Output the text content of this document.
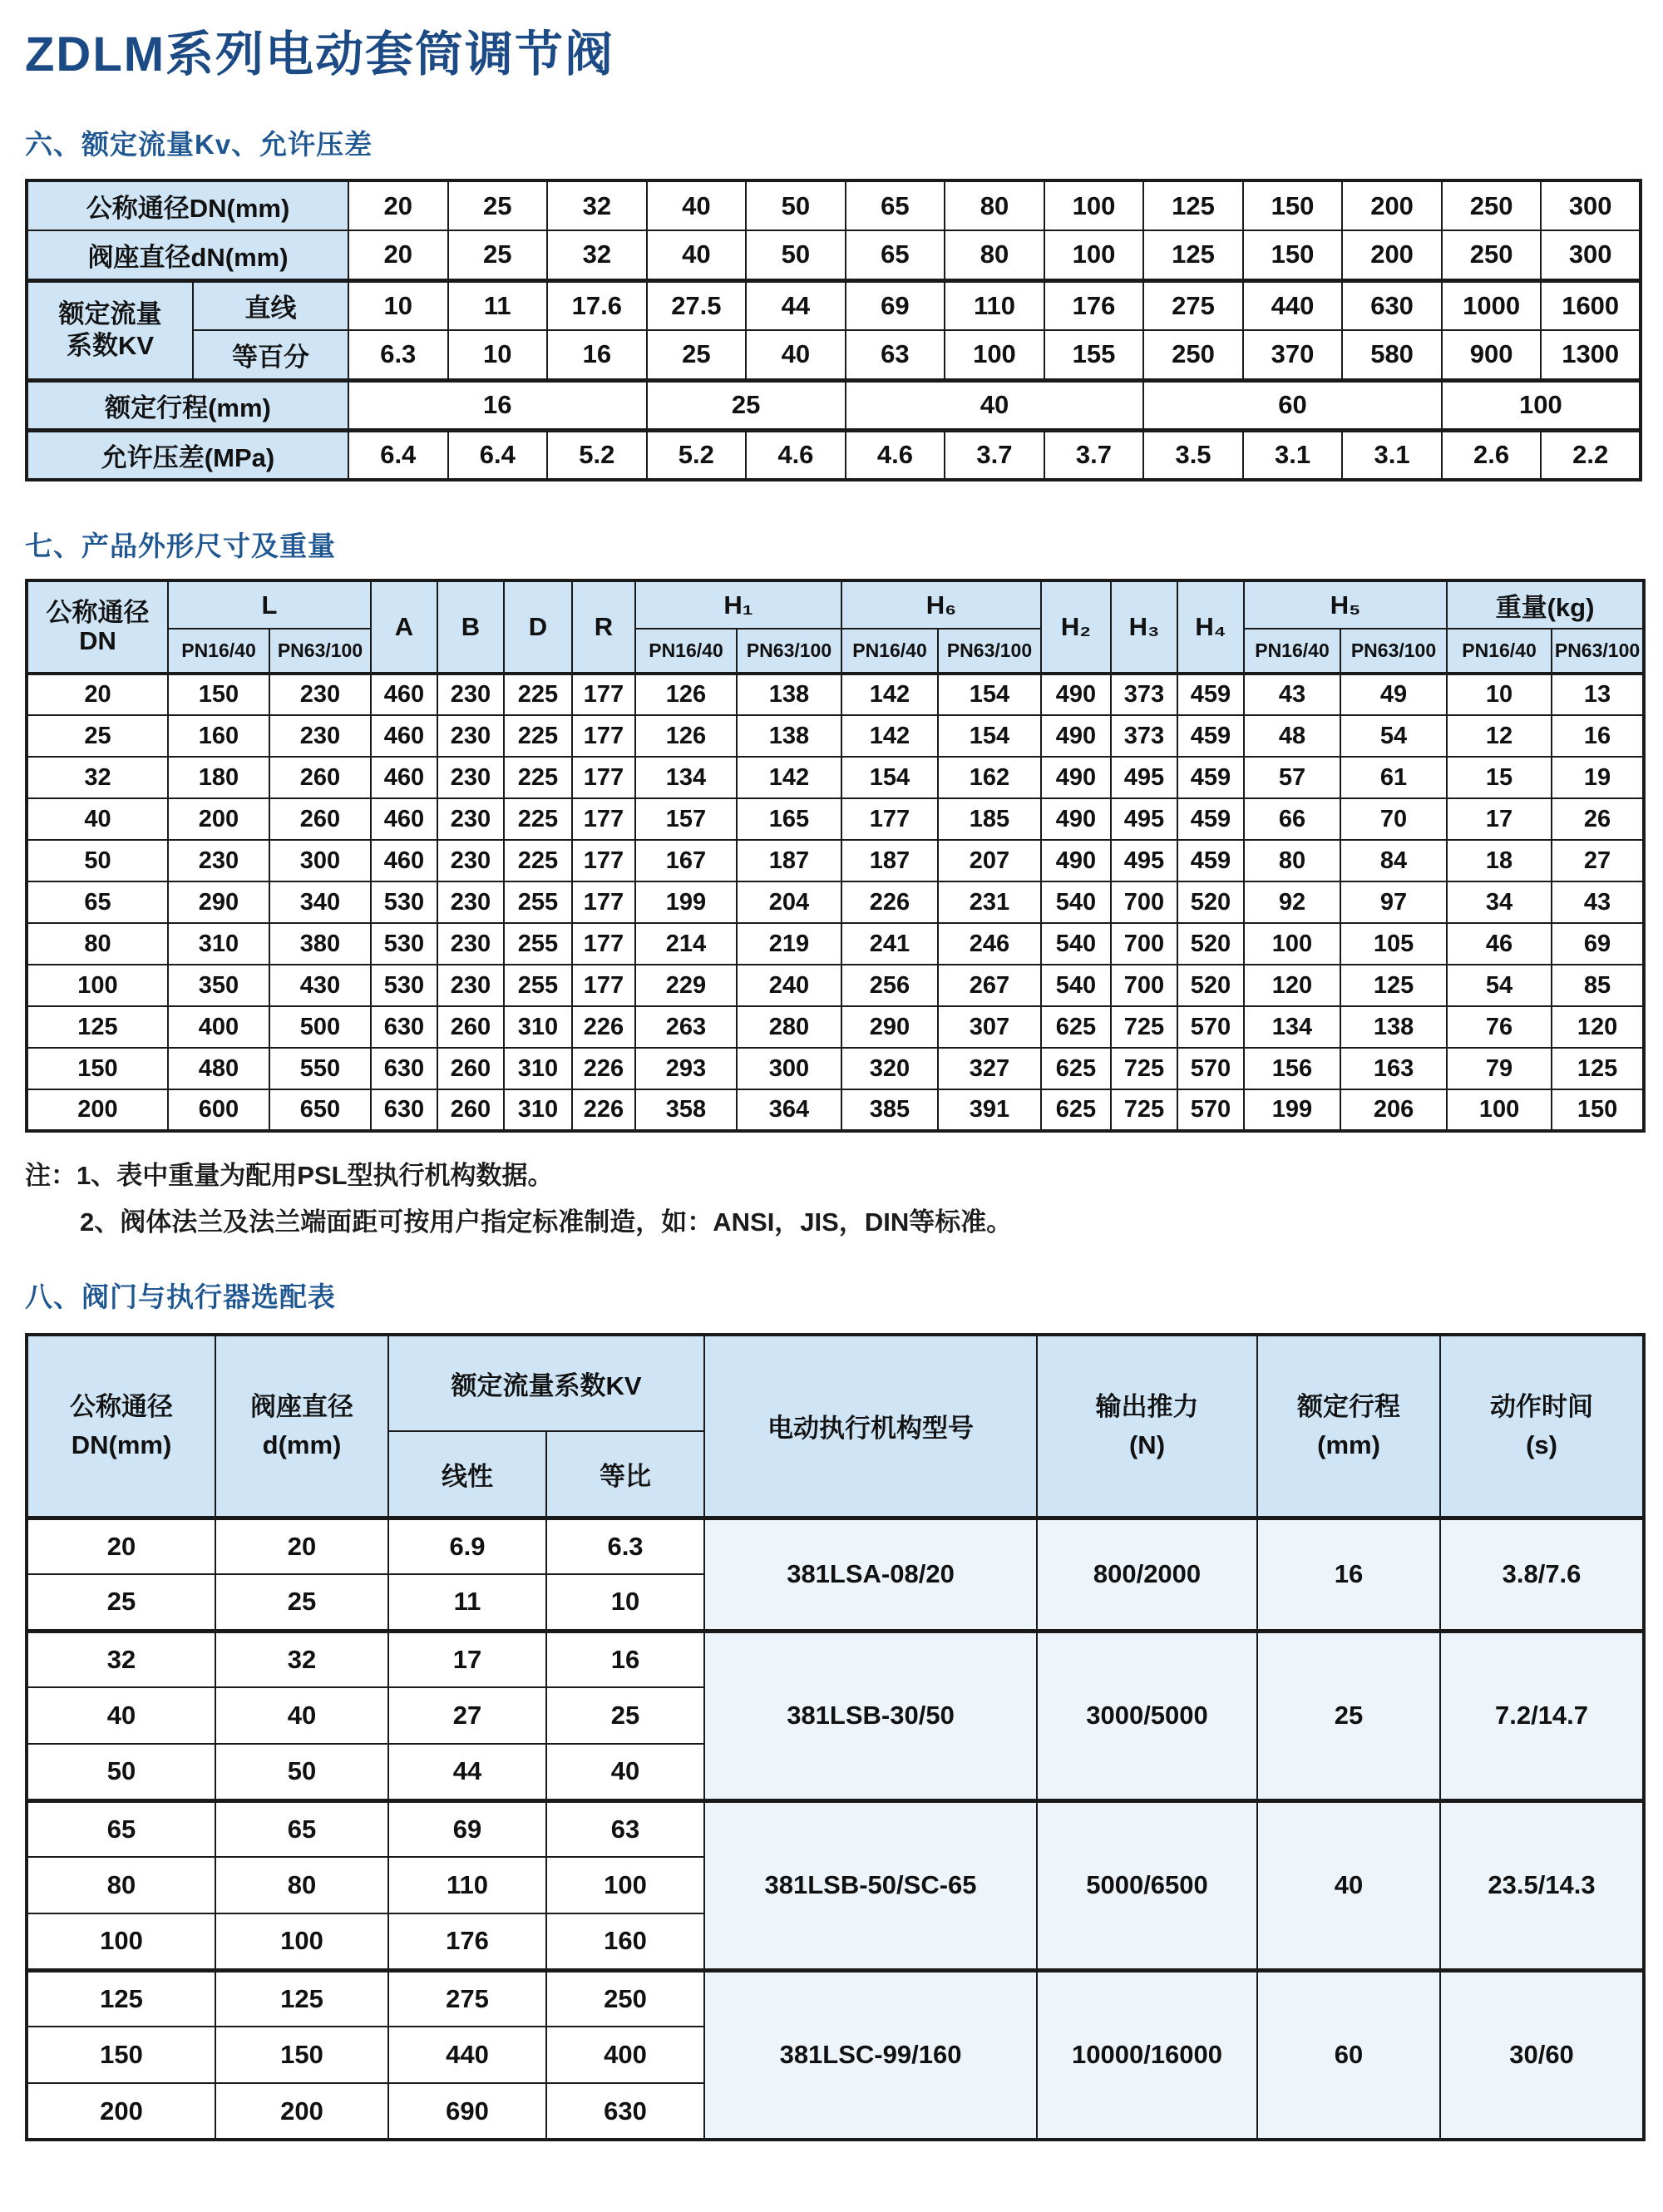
ZDLM系列电动套筒调节阀
六、额定流量Kv、允许压差
公称通径DN(mm)		20	25	32	40	50	65	80	100	125	150	200	250	300
阀座直径dN(mm)		20	25	32	40	50	65	80	100	125	150	200	250	300
额定流量
系数KV	直线	10	11	17.6	27.5	44	69	110	176	275	440	630	1000	1600
	等百分	6.3	10	16	25	40	63	100	155	250	370	580	900	1300
额定行程(mm)		16			25		40			60			100	
允许压差(MPa)		6.4	6.4	5.2	5.2	4.6	4.6	3.7	3.7	3.5	3.1	3.1	2.6	2.2
七、产品外形尺寸及重量
公称通径
DN	L		A	B	D	R	H₁		H₆		H₂	H₃	H₄	H₅		重量(kg)	
	PN16/40	PN63/100					PN16/40	PN63/100	PN16/40	PN63/100				PN16/40	PN63/100	PN16/40	PN63/100
20	150	230	460	230	225	177	126	138	142	154	490	373	459	43	49	10	13
25	160	230	460	230	225	177	126	138	142	154	490	373	459	48	54	12	16
32	180	260	460	230	225	177	134	142	154	162	490	495	459	57	61	15	19
40	200	260	460	230	225	177	157	165	177	185	490	495	459	66	70	17	26
50	230	300	460	230	225	177	167	187	187	207	490	495	459	80	84	18	27
65	290	340	530	230	255	177	199	204	226	231	540	700	520	92	97	34	43
80	310	380	530	230	255	177	214	219	241	246	540	700	520	100	105	46	69
100	350	430	530	230	255	177	229	240	256	267	540	700	520	120	125	54	85
125	400	500	630	260	310	226	263	280	290	307	625	725	570	134	138	76	120
150	480	550	630	260	310	226	293	300	320	327	625	725	570	156	163	79	125
200	600	650	630	260	310	226	358	364	385	391	625	725	570	199	206	100	150
注：1、表中重量为配用PSL型执行机构数据。
2、阀体法兰及法兰端面距可按用户指定标准制造，如：ANSI，JIS，DIN等标准。
八、阀门与执行器选配表
公称通径
DN(mm)	阀座直径
d(mm)	额定流量系数KV		电动执行机构型号	输出推力
(N)	额定行程
(mm)	动作时间
(s)
		线性	等比				
20	20	6.9	6.3	381LSA-08/20	800/2000	16	3.8/7.6
25	25	11	10				
32	32	17	16	381LSB-30/50	3000/5000	25	7.2/14.7
40	40	27	25				
50	50	44	40				
65	65	69	63	381LSB-50/SC-65	5000/6500	40	23.5/14.3
80	80	110	100				
100	100	176	160				
125	125	275	250	381LSC-99/160	10000/16000	60	30/60
150	150	440	400				
200	200	690	630				
